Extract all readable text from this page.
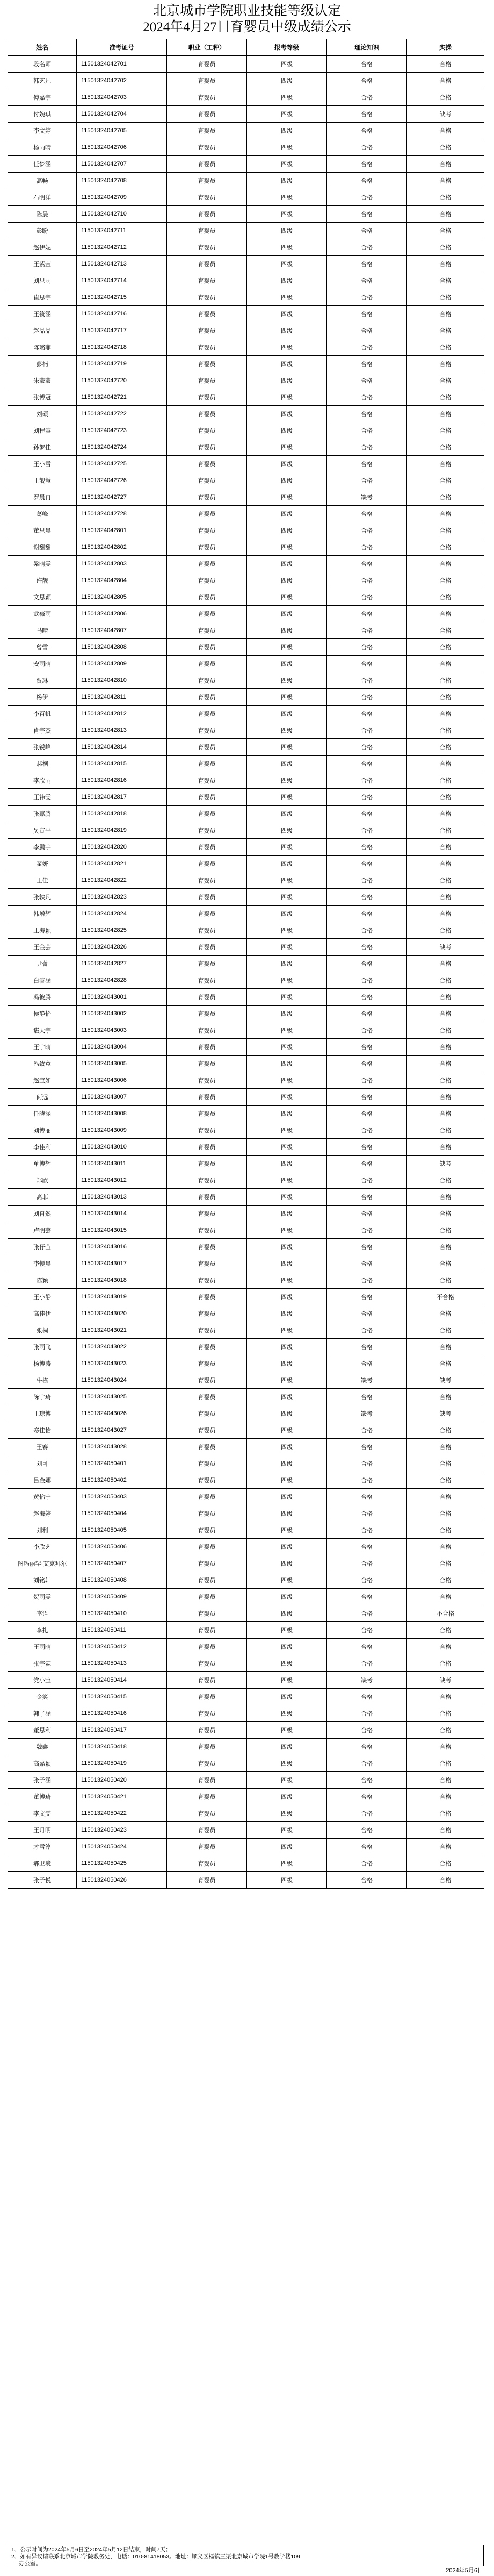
北京城市学院职业技能等级认定
2024年4月27日育婴员中级成绩公示
姓名	准考证号	职业（工种）	报考等级	理论知识	实操
段名师	11501324042701	育婴员	四级	合格	合格
韩艺凡	11501324042702	育婴员	四级	合格	合格
傅嘉宇	11501324042703	育婴员	四级	合格	合格
付婉琪	11501324042704	育婴员	四级	合格	缺考
李文婷	11501324042705	育婴员	四级	合格	合格
杨雨晴	11501324042706	育婴员	四级	合格	合格
任梦涵	11501324042707	育婴员	四级	合格	合格
高畅	11501324042708	育婴员	四级	合格	合格
石明洋	11501324042709	育婴员	四级	合格	合格
陈晨	11501324042710	育婴员	四级	合格	合格
彭盼	11501324042711	育婴员	四级	合格	合格
赵伊妮	11501324042712	育婴员	四级	合格	合格
王紫萱	11501324042713	育婴员	四级	合格	合格
刘思雨	11501324042714	育婴员	四级	合格	合格
崔思宇	11501324042715	育婴员	四级	合格	合格
王筱涵	11501324042716	育婴员	四级	合格	合格
赵晶晶	11501324042717	育婴员	四级	合格	合格
陈璐菲	11501324042718	育婴员	四级	合格	合格
彭楠	11501324042719	育婴员	四级	合格	合格
朱蒙蒙	11501324042720	育婴员	四级	合格	合格
张博冠	11501324042721	育婴员	四级	合格	合格
刘硕	11501324042722	育婴员	四级	合格	合格
刘程睿	11501324042723	育婴员	四级	合格	合格
孙梦佳	11501324042724	育婴员	四级	合格	合格
王小雪	11501324042725	育婴员	四级	合格	合格
王靓慧	11501324042726	育婴员	四级	合格	合格
罗晨冉	11501324042727	育婴员	四级	缺考	合格
葛峰	11501324042728	育婴员	四级	合格	合格
董思晨	11501324042801	育婴员	四级	合格	合格
谢甜甜	11501324042802	育婴员	四级	合格	合格
梁晴雯	11501324042803	育婴员	四级	合格	合格
许靓	11501324042804	育婴员	四级	合格	合格
文思颖	11501324042805	育婴员	四级	合格	合格
武薇雨	11501324042806	育婴员	四级	合格	合格
马晴	11501324042807	育婴员	四级	合格	合格
曾雪	11501324042808	育婴员	四级	合格	合格
安雨晴	11501324042809	育婴员	四级	合格	合格
贾琳	11501324042810	育婴员	四级	合格	合格
杨伊	11501324042811	育婴员	四级	合格	合格
李百帆	11501324042812	育婴员	四级	合格	合格
肖宇杰	11501324042813	育婴员	四级	合格	合格
张锐峰	11501324042814	育婴员	四级	合格	合格
郝桐	11501324042815	育婴员	四级	合格	合格
李欣雨	11501324042816	育婴员	四级	合格	合格
王袆雯	11501324042817	育婴员	四级	合格	合格
张嘉腾	11501324042818	育婴员	四级	合格	合格
吴宣平	11501324042819	育婴员	四级	合格	合格
李鹏宇	11501324042820	育婴员	四级	合格	合格
翟妍	11501324042821	育婴员	四级	合格	合格
王佳	11501324042822	育婴员	四级	合格	合格
张轶凡	11501324042823	育婴员	四级	合格	合格
韩增辉	11501324042824	育婴员	四级	合格	合格
王海颖	11501324042825	育婴员	四级	合格	合格
王金芸	11501324042826	育婴员	四级	合格	缺考
尹蕾	11501324042827	育婴员	四级	合格	合格
白睿涵	11501324042828	育婴员	四级	合格	合格
冯彼腾	11501324043001	育婴员	四级	合格	合格
侯静怡	11501324043002	育婴员	四级	合格	合格
谌天宇	11501324043003	育婴员	四级	合格	合格
王宇晴	11501324043004	育婴员	四级	合格	合格
冯致意	11501324043005	育婴员	四级	合格	合格
赵宝如	11501324043006	育婴员	四级	合格	合格
何远	11501324043007	育婴员	四级	合格	合格
任晓涵	11501324043008	育婴员	四级	合格	合格
刘博丽	11501324043009	育婴员	四级	合格	合格
李佳利	11501324043010	育婴员	四级	合格	合格
单博辉	11501324043011	育婴员	四级	合格	缺考
郑欣	11501324043012	育婴员	四级	合格	合格
高菲	11501324043013	育婴员	四级	合格	合格
刘自然	11501324043014	育婴员	四级	合格	合格
卢明芸	11501324043015	育婴员	四级	合格	合格
张仔莹	11501324043016	育婴员	四级	合格	合格
李慢晨	11501324043017	育婴员	四级	合格	合格
陈颖	11501324043018	育婴员	四级	合格	合格
王小静	11501324043019	育婴员	四级	合格	不合格
高佳伊	11501324043020	育婴员	四级	合格	合格
张桐	11501324043021	育婴员	四级	合格	合格
张雨飞	11501324043022	育婴员	四级	合格	合格
杨博涛	11501324043023	育婴员	四级	合格	合格
牛栋	11501324043024	育婴员	四级	缺考	缺考
陈宇琦	11501324043025	育婴员	四级	合格	合格
王琼博	11501324043026	育婴员	四级	缺考	缺考
寒佳怡	11501324043027	育婴员	四级	合格	合格
王赛	11501324043028	育婴员	四级	合格	合格
刘可	11501324050401	育婴员	四级	合格	合格
吕金娜	11501324050402	育婴员	四级	合格	合格
黄怡宁	11501324050403	育婴员	四级	合格	合格
赵海婷	11501324050404	育婴员	四级	合格	合格
刘利	11501324050405	育婴员	四级	合格	合格
李欣艺	11501324050406	育婴员	四级	合格	合格
图玛丽罕·艾克拜尔	11501324050407	育婴员	四级	合格	合格
刘铭轩	11501324050408	育婴员	四级	合格	合格
贺雨雯	11501324050409	育婴员	四级	合格	合格
李语	11501324050410	育婴员	四级	合格	不合格
李扎	11501324050411	育婴员	四级	合格	合格
王雨晴	11501324050412	育婴员	四级	合格	合格
张宇霖	11501324050413	育婴员	四级	合格	合格
党小宝	11501324050414	育婴员	四级	缺考	缺考
金笑	11501324050415	育婴员	四级	合格	合格
韩子涵	11501324050416	育婴员	四级	合格	合格
董思利	11501324050417	育婴员	四级	合格	合格
魏鑫	11501324050418	育婴员	四级	合格	合格
高嘉颖	11501324050419	育婴员	四级	合格	合格
张子涵	11501324050420	育婴员	四级	合格	合格
董博琦	11501324050421	育婴员	四级	合格	合格
李文雯	11501324050422	育婴员	四级	合格	合格
王月明	11501324050423	育婴员	四级	合格	合格
才雪淳	11501324050424	育婴员	四级	合格	合格
郝卫境	11501324050425	育婴员	四级	合格	合格
张子悦	11501324050426	育婴员	四级	合格	合格
1、公示时间为2024年5月6日至2024年5月12日结束，时间7天；
2、如有异议请联系北京城市学院教务处，电话：010-81418053。地址：顺义区杨镇三渠北京城市学院1号教学楼109
办公室。
2024年5月6日
